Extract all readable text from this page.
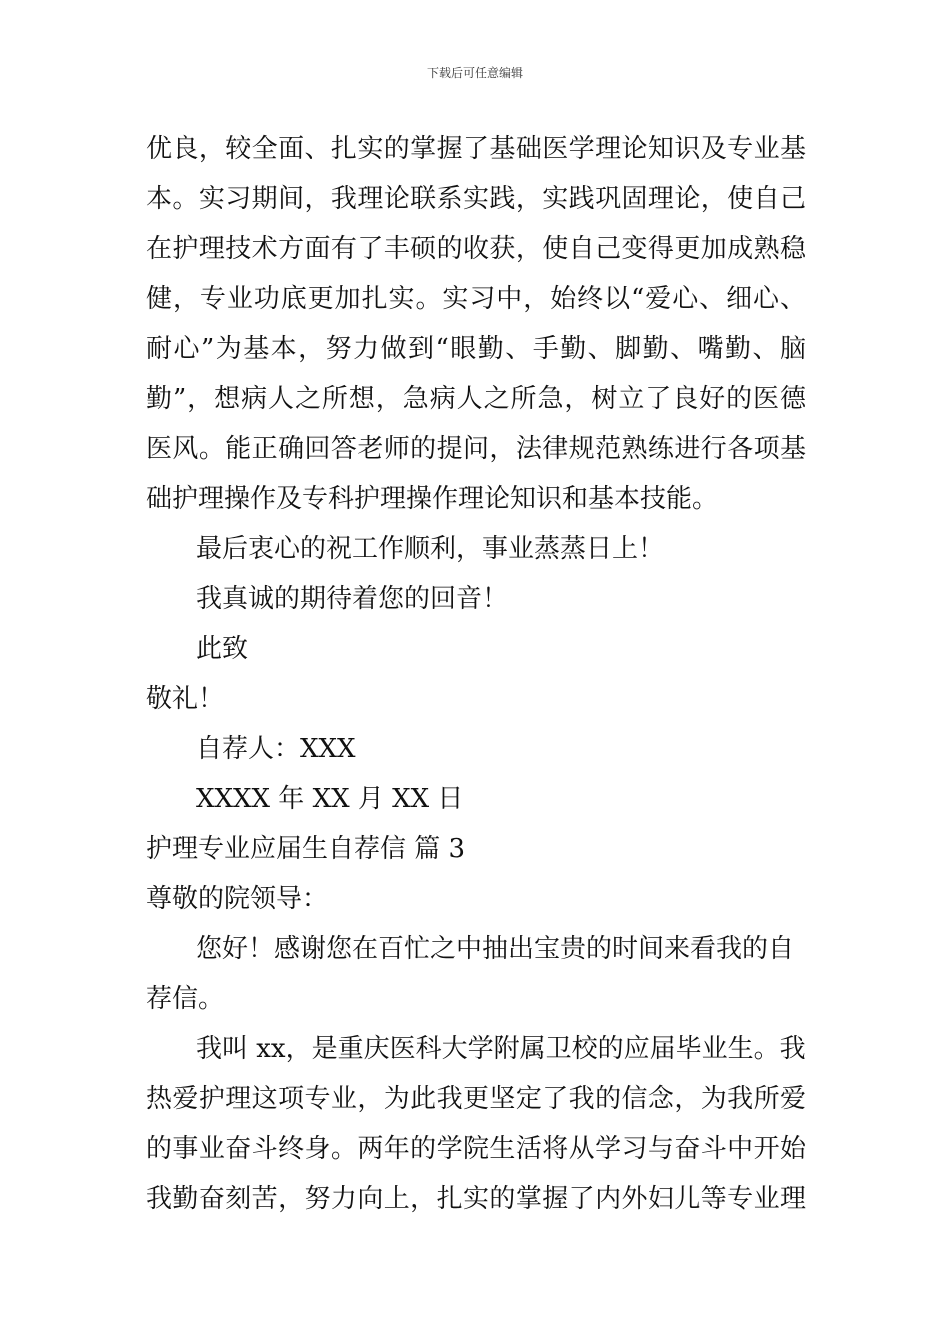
下载后可任意编辑
优良，较全面、扎实的掌握了基础医学理论知识及专业基
本。实习期间，我理论联系实践，实践巩固理论，使自己
在护理技术方面有了丰硕的收获，使自己变得更加成熟稳
健，专业功底更加扎实。实习中，始终以“爱心、细心、
耐心”为基本，努力做到“眼勤、手勤、脚勤、嘴勤、脑
勤”，想病人之所想，急病人之所急，树立了良好的医德
医风。能正确回答老师的提问，法律规范熟练进行各项基
础护理操作及专科护理操作理论知识和基本技能。
最后衷心的祝工作顺利，事业蒸蒸日上！
我真诚的期待着您的回音！
此致
敬礼！
自荐人：XXX
XXXX 年 XX 月 XX 日
护理专业应届生自荐信 篇 3
尊敬的院领导：
您好！感谢您在百忙之中抽出宝贵的时间来看我的自
荐信。
我叫 xx，是重庆医科大学附属卫校的应届毕业生。我
热爱护理这项专业，为此我更坚定了我的信念，为我所爱
的事业奋斗终身。两年的学院生活将从学习与奋斗中开始
我勤奋刻苦，努力向上，扎实的掌握了内外妇儿等专业理
